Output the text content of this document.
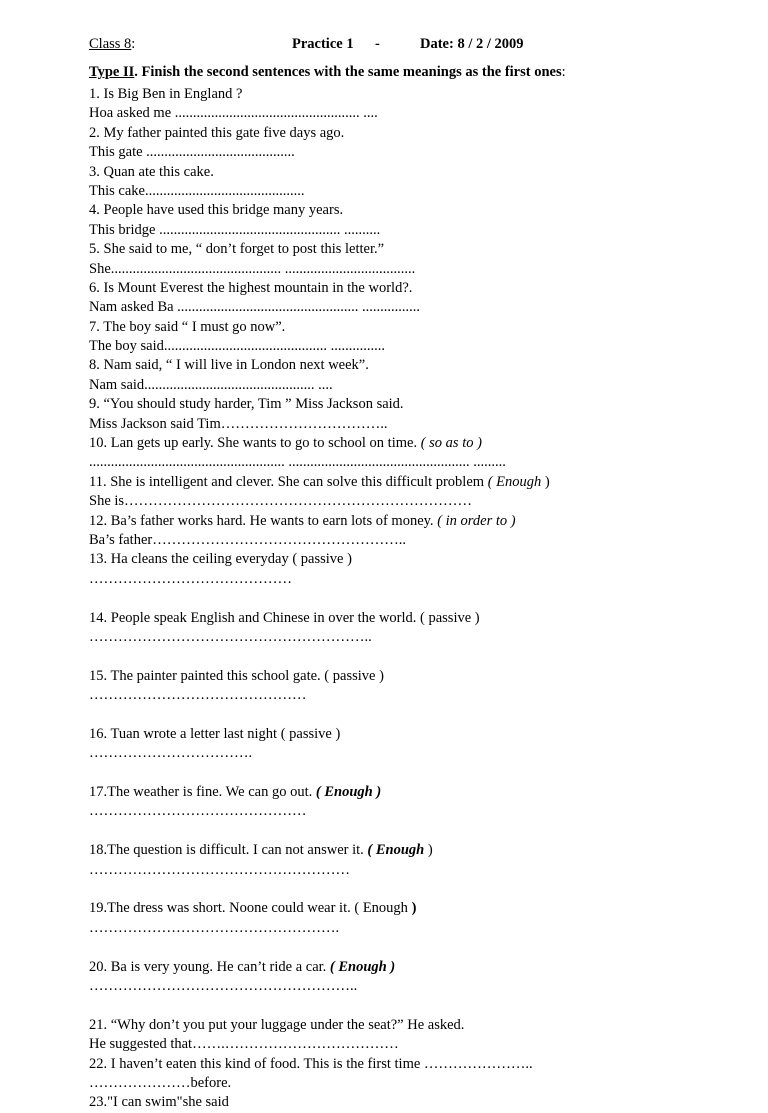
Class 8:	Practice 1 -	Date: 8 / 2 / 2009
Type II. Finish the second sentences with the same meanings as the first ones:
1. Is Big Ben in England ?
Hoa asked me ................................................... ....
2. My father painted this gate five days ago.
This gate .........................................
3. Quan ate this cake.
This cake............................................
4. People have used this bridge many years.
This bridge .................................................. ..........
5. She said to me, “ don’t forget to post this letter.”
She............................................... ....................................
6. Is Mount Everest the highest mountain in the world?.
Nam asked Ba .................................................. ................
7. The boy said “ I must go now”.
The boy said............................................. ...............
8. Nam said, “ I will live in London next week”.
Nam said............................................... ....
9. “You should study harder, Tim ” Miss Jackson said.
Miss Jackson said Tim……………………………..
10. Lan gets up early. She wants to go to school on time. ( so as to )
...................................................... .................................................. .........
11. She is intelligent and clever. She can solve this difficult problem ( Enough )
She is………………………………………………………………
12. Ba’s father works hard. He wants to earn lots of money. ( in order to )
Ba’s father……………………………………………..
13. Ha cleans the ceiling everyday ( passive )
……………………………………
14. People speak English and Chinese in over the world. ( passive )
…………………………………………………..
15. The painter painted this school gate. ( passive )
………………………………………
16. Tuan wrote a letter last night ( passive )
…………………………….
17.The weather is fine. We can go out. ( Enough )
………………………………………
18.The question is difficult. I can not answer it. ( Enough )
………………………………………………
19.The dress was short. Noone could wear it. ( Enough )
…………………………………………….
20. Ba is very young. He can’t ride a car. ( Enough )
………………………………………………..
21. “Why don’t you put your luggage under the seat?” He asked.
He suggested that…….………………………………
22. I haven’t eaten this kind of food. This is the first time …………………..
…………………before.
23."I can swim"she said
